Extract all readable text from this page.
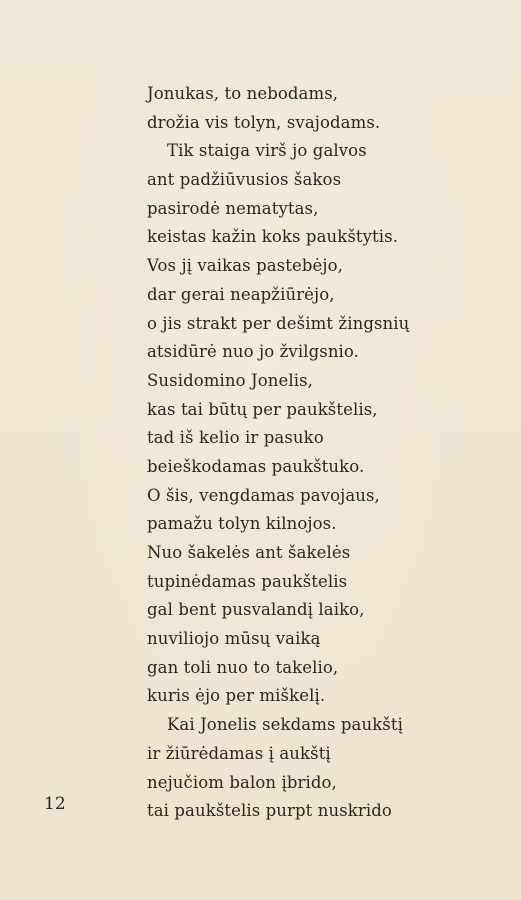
Jonukas, to nebodams,
drožia vis tolyn, svajodams.
Tik staiga virš jo galvos
ant padžiūvusios šakos
pasirodė nematytas,
keistas kažin koks paukštytis.
Vos jį vaikas pastebėjo,
dar gerai neapžiūrėjo,
o jis strakt per dešimt žingsnių
atsidūrė nuo jo žvilgsnio.
Susidomino Jonelis,
kas tai būtų per paukštelis,
tad iš kelio ir pasuko
beieškodamas paukštuko.
O šis, vengdamas pavojaus,
pamažu tolyn kilnojos.
Nuo šakelės ant šakelės
tupinėdamas paukštelis
gal bent pusvalandį laiko,
nuviliojo mūsų vaiką
gan toli nuo to takelio,
kuris ėjo per miškelį.
Kai Jonelis sekdams paukštį
ir žiūrėdamas į aukštį
nejučiom balon įbrido,
tai paukštelis purpt nuskrido
12
